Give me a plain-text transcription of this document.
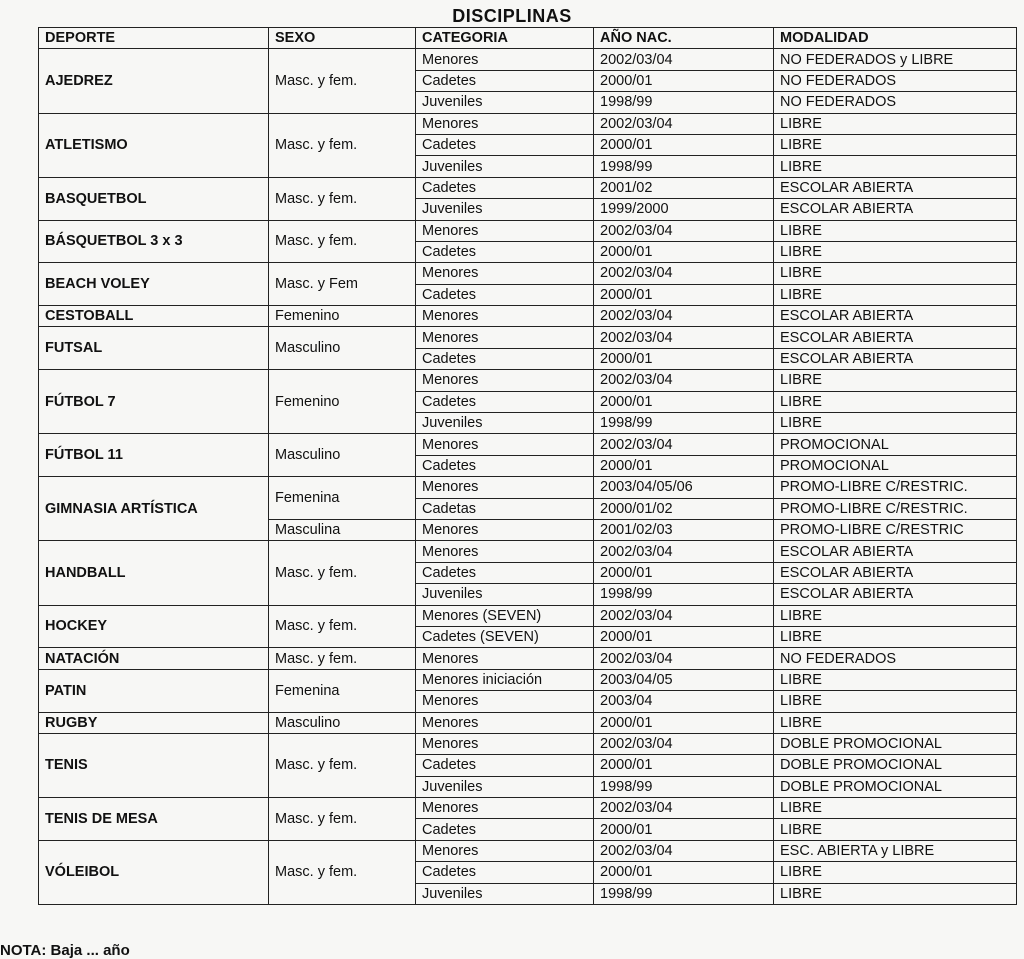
DISCIPLINAS
DEPORTE	SEXO	CATEGORIA	AÑO NAC.	MODALIDAD
AJEDREZ	Masc. y fem.	Menores	2002/03/04	NO FEDERADOS y LIBRE
		Cadetes	2000/01	NO FEDERADOS
		Juveniles	1998/99	NO FEDERADOS
ATLETISMO	Masc. y fem.	Menores	2002/03/04	LIBRE
		Cadetes	2000/01	LIBRE
		Juveniles	1998/99	LIBRE
BASQUETBOL	Masc. y fem.	Cadetes	2001/02	ESCOLAR ABIERTA
		Juveniles	1999/2000	ESCOLAR ABIERTA
BÁSQUETBOL 3 x 3	Masc. y fem.	Menores	2002/03/04	LIBRE
		Cadetes	2000/01	LIBRE
BEACH VOLEY	Masc. y Fem	Menores	2002/03/04	LIBRE
		Cadetes	2000/01	LIBRE
CESTOBALL	Femenino	Menores	2002/03/04	ESCOLAR ABIERTA
FUTSAL	Masculino	Menores	2002/03/04	ESCOLAR ABIERTA
		Cadetes	2000/01	ESCOLAR ABIERTA
FÚTBOL 7	Femenino	Menores	2002/03/04	LIBRE
		Cadetes	2000/01	LIBRE
		Juveniles	1998/99	LIBRE
FÚTBOL 11	Masculino	Menores	2002/03/04	PROMOCIONAL
		Cadetes	2000/01	PROMOCIONAL
GIMNASIA ARTÍSTICA	Femenina	Menores	2003/04/05/06	PROMO-LIBRE C/RESTRIC.
		Cadetas	2000/01/02	PROMO-LIBRE C/RESTRIC.
	Masculina	Menores	2001/02/03	PROMO-LIBRE C/RESTRIC
HANDBALL	Masc. y fem.	Menores	2002/03/04	ESCOLAR ABIERTA
		Cadetes	2000/01	ESCOLAR ABIERTA
		Juveniles	1998/99	ESCOLAR ABIERTA
HOCKEY	Masc. y fem.	Menores (SEVEN)	2002/03/04	LIBRE
		Cadetes (SEVEN)	2000/01	LIBRE
NATACIÓN	Masc. y fem.	Menores	2002/03/04	NO FEDERADOS
PATIN	Femenina	Menores iniciación	2003/04/05	LIBRE
		Menores	2003/04	LIBRE
RUGBY	Masculino	Menores	2000/01	LIBRE
TENIS	Masc. y fem.	Menores	2002/03/04	DOBLE PROMOCIONAL
		Cadetes	2000/01	DOBLE PROMOCIONAL
		Juveniles	1998/99	DOBLE PROMOCIONAL
TENIS DE MESA	Masc. y fem.	Menores	2002/03/04	LIBRE
		Cadetes	2000/01	LIBRE
VÓLEIBOL	Masc. y fem.	Menores	2002/03/04	ESC. ABIERTA y LIBRE
		Cadetes	2000/01	LIBRE
		Juveniles	1998/99	LIBRE
NOTA: Baja ... año
